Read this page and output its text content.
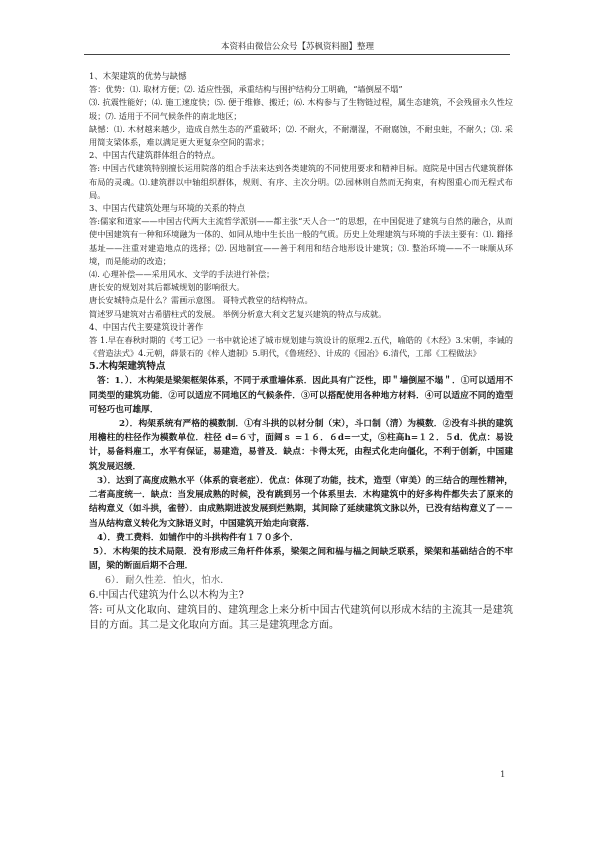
本资料由微信公众号【苏枫资料圈】整理

1、木架建筑的优势与缺憾

答：优势：⑴. 取材方便；⑵. 适应性强，承重结构与围护结构分工明确，“墙倒屋不塌”

⑶. 抗震性能好；⑷. 施工速度快；⑸. 便于维修、搬迁；⑹. 木构参与了生物链过程，属生态建筑，不会残留永久性垃圾；⑺. 适用于不同气候条件的南北地区；

缺憾：⑴. 木材越来越少，造成自然生态的严重破坏；⑵. 不耐火，不耐潮湿，不耐腐蚀，不耐虫蛀，不耐久；⑶. 采用简支梁体系，难以满足更大更复杂空间的需求；

2、中国古代建筑群体组合的特点。

答: 中国古代建筑特别擅长运用院落的组合手法来达到各类建筑的不同使用要求和精神目标。庭院是中国古代建筑群体布局的灵魂。⑴.建筑群以中轴组织群体，规则、有序、主次分明。⑵.园林则自然而无拘束，有构图重心而无程式布局。

3、中国古代建筑处理与环境的关系的特点

答:儒家和道家——中国古代两大主流哲学派别——都主张“天人合一”的思想，在中国促进了建筑与自然的融合，从而使中国建筑有一种和环境融为一体的、如同从地中生长出一般的气质。历史上处理建筑与环境的手法主要有：⑴. 籍择基址——注重对建造地点的选择；⑵. 因地制宜——善于利用和结合地形设计建筑；⑶. 整治环境——不一味顺从环境，而是能动的改造；

⑷. 心理补偿——采用风水、文学的手法进行补偿；

唐长安的规划对其后都城规划的影响很大。

唐长安城特点是什么？需画示意图。 哥特式教堂的结构特点。

简述罗马建筑对古希腊柱式的发展。 举例分析意大利文艺复兴建筑的特点与成就。

4、中国古代主要建筑设计著作

答 1.早在春秋时期的《考工记》一书中就论述了城市规划建与筑设计的原理2.五代，喻皓的《木经》3.宋朝，李诫的《营造法式》4.元朝，薛景石的《梓人遗制》5.明代，《鲁班经》、计成的《园冶》6.清代，工部《工程做法》

5.木构架建筑特点

答：1．）．木构架是梁架框架体系，不同于承重墙体系．因此具有广泛性，即＂墙倒屋不塌＂．①可以适用不同类型的建筑功能．②可以适应不同地区的气候条件．③可以搭配使用各种地方材料．④可以适应不同的造型可轻巧也可雄厚．

2）．构架系统有严格的模数制．①有斗拱的以材分制（宋），斗口制（清）为模数．②没有斗拱的建筑用檐柱的柱径作为模数单位．柱径 d=６寸，面阔ｓ =１６．６d=一丈，⑤柱高h=１２．５d．优点：易设计，易备料雇工，水平有保证，易建造，易普及．缺点：卡得太死，由程式化走向僵化，不利于创新，中国建筑发展迟缓．

3）．达到了高度成熟水平（体系的衰老症）．优点：体现了功能，技术，造型（审美）的三结合的理性精神，二者高度统一．缺点：当发展成熟的时候，没有跳到另一个体系里去．木构建筑中的好多构件都失去了原来的结构意义（如斗拱，雀替）．由成熟期进波发展到烂熟期，其间除了延续建筑文脉以外，已没有结构意义了－－当从结构意义转化为文脉语义时，中国建筑开始走向衰落．

4）．费工费料．如铺作中的斗拱构件有１７０多个．

5）．木构架的技术局限．没有形成三角杆件体系，梁架之间和榀与榀之间缺乏联系，梁架和基础结合的不牢固，梁的断面后期不合理．

6）．耐久性差．怕火，怕水．

6.中国古代建筑为什么以木构为主?

答: 可从文化取向、建筑目的、建筑理念上来分析中国古代建筑何以形成木结的主流其一是建筑目的方面。其二是文化取向方面。其三是建筑理念方面。

1
